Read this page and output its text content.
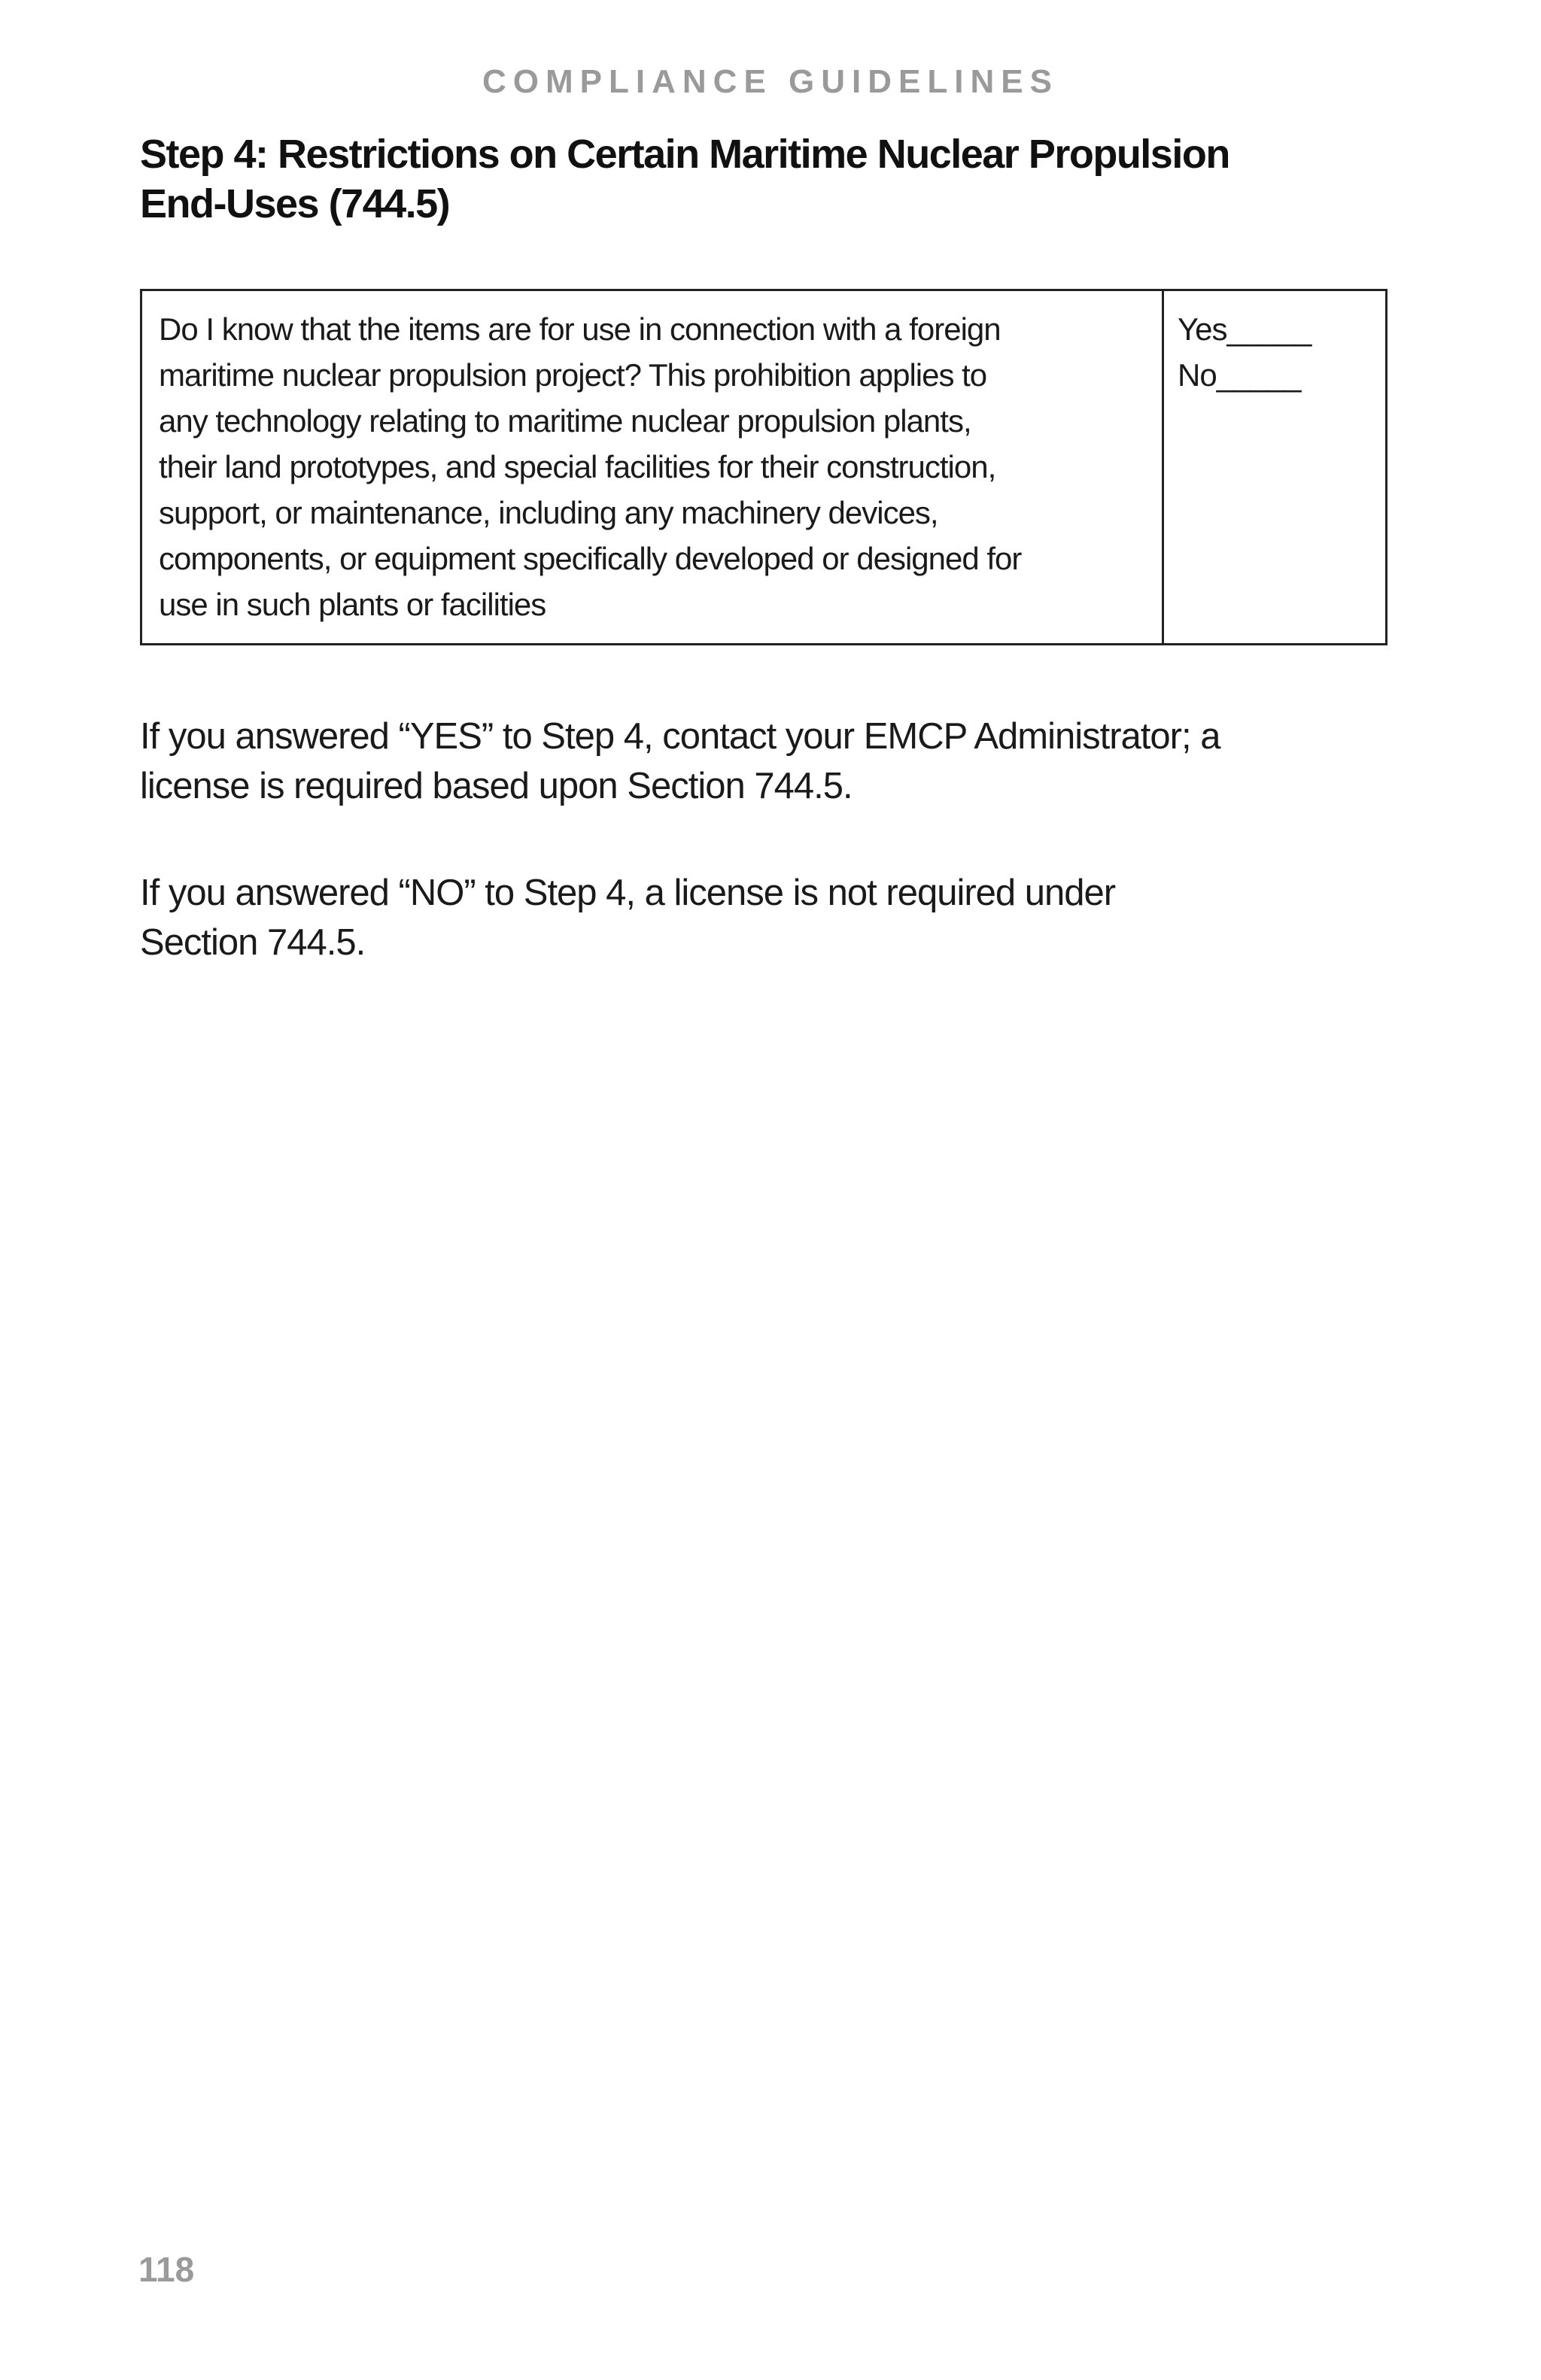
COMPLIANCE GUIDELINES
Step 4: Restrictions on Certain Maritime Nuclear Propulsion
End-Uses (744.5)
Do I know that the items are for use in connection with a foreign
maritime nuclear propulsion project? This prohibition applies to
any technology relating to maritime nuclear propulsion plants,
their land prototypes, and special facilities for their construction,
support, or maintenance, including any machinery devices,
components, or equipment specifically developed or designed for
use in such plants or facilities
Yes_____
No_____

If you answered “YES” to Step 4, contact your EMCP Administrator; a
license is required based upon Section 744.5.

If you answered “NO” to Step 4, a license is not required under
Section 744.5.

118
